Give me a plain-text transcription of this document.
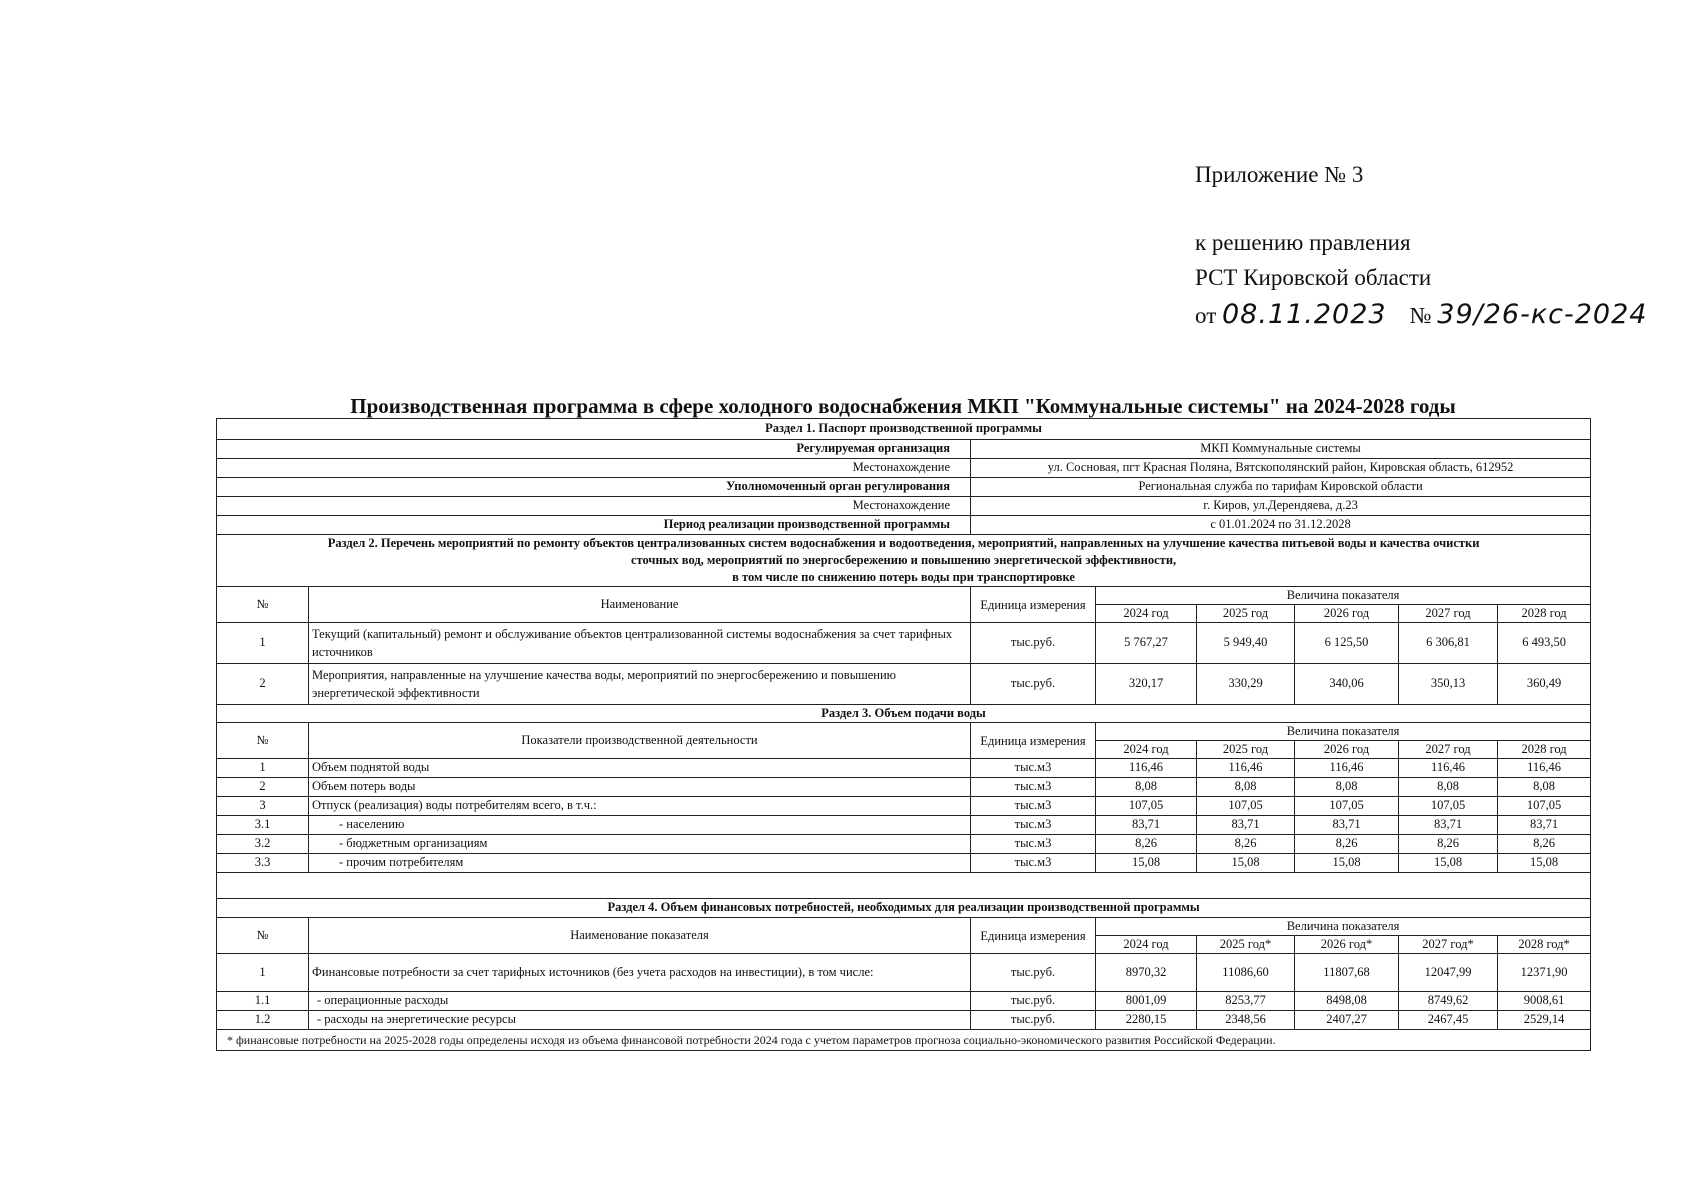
Приложение № 3
к решению правления
РСТ Кировской области
от 08.11.2023 № 39/26-кс-2024
Производственная программа в сфере холодного водоснабжения МКП "Коммунальные системы" на 2024-2028 годы
Раздел 1. Паспорт производственной программы							
Регулируемая организация		МКП Коммунальные системы					
Местонахождение		ул. Сосновая, пгт Красная Поляна, Вятскополянский район, Кировская область, 612952					
Уполномоченный орган регулирования		Региональная служба по тарифам Кировской области					
Местонахождение		г. Киров, ул.Дерендяева, д.23					
Период реализации производственной программы		с 01.01.2024 по 31.12.2028					

Раздел 2. Перечень мероприятий по ремонту объектов централизованных систем водоснабжения и водоотведения, мероприятий, направленных на улучшение качества питьевой воды и качества очистки
сточных вод, мероприятий по энергосбережению и повышению энергетической эффективности,
в том числе по снижению потерь воды при транспортировке							

№	Наименование	Единица измерения	Величина показателя				
			2024 год	2025 год	2026 год	2027 год	2028 год
1	Текущий (капитальный) ремонт и обслуживание объектов централизованной системы водоснабжения за счет тарифных источников	тыс.руб.	5 767,27	5 949,40	6 125,50	6 306,81	6 493,50
2	Мероприятия, направленные на улучшение качества воды, мероприятий по энергосбережению и повышению энергетической эффективности	тыс.руб.	320,17	330,29	340,06	350,13	360,49
Раздел 3. Объем подачи воды							
№	Показатели производственной деятельности	Единица измерения	Величина показателя				
			2024 год	2025 год	2026 год	2027 год	2028 год
1	Объем поднятой воды	тыс.м3	116,46	116,46	116,46	116,46	116,46
2	Объем потерь воды	тыс.м3	8,08	8,08	8,08	8,08	8,08
3	Отпуск (реализация) воды потребителям всего, в т.ч.:	тыс.м3	107,05	107,05	107,05	107,05	107,05
3.1	- населению	тыс.м3	83,71	83,71	83,71	83,71	83,71
3.2	- бюджетным организациям	тыс.м3	8,26	8,26	8,26	8,26	8,26
3.3	- прочим потребителям	тыс.м3	15,08	15,08	15,08	15,08	15,08

Раздел 4. Объем финансовых потребностей, необходимых для реализации производственной программы							
№	Наименование показателя	Единица измерения	Величина показателя				
			2024 год	2025 год*	2026 год*	2027 год*	2028 год*
1	Финансовые потребности за счет тарифных источников (без учета расходов на инвестиции), в том числе:	тыс.руб.	8970,32	11086,60	11807,68	12047,99	12371,90
1.1	- операционные расходы	тыс.руб.	8001,09	8253,77	8498,08	8749,62	9008,61
1.2	- расходы на энергетические ресурсы	тыс.руб.	2280,15	2348,56	2407,27	2467,45	2529,14
* финансовые потребности на 2025-2028 годы определены исходя из объема финансовой потребности 2024 года с учетом параметров прогноза социально-экономического развития Российской Федерации.							
